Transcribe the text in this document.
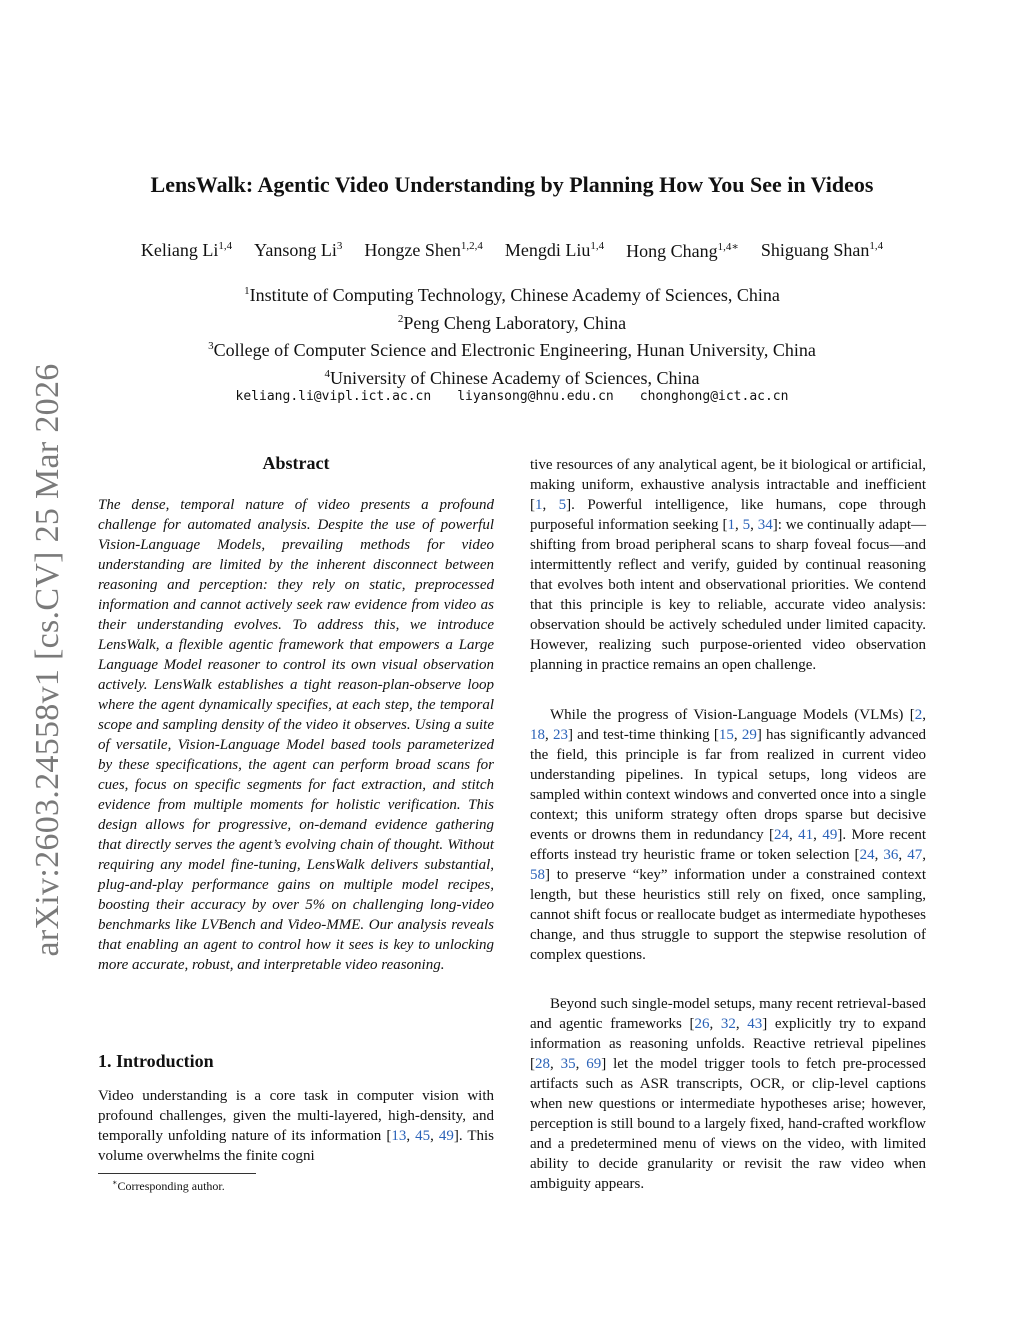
arXiv:2603.24558v1 [cs.CV] 25 Mar 2026
LensWalk: Agentic Video Understanding by Planning How You See in Videos
Keliang Li$^{1,4}$ Yansong Li$^3$ Hongze Shen$^{1,2,4}$ Mengdi Liu$^{1,4}$ Hong Chang$^{1,4∗}$ Shiguang Shan$^{1,4}$
$^1$Institute of Computing Technology, Chinese Academy of Sciences, China
$^2$Peng Cheng Laboratory, China
$^3$College of Computer Science and Electronic Engineering, Hunan University, China
$^4$University of Chinese Academy of Sciences, China
keliang.li@vipl.ict.ac.cn liyansong@hnu.edu.cn chonghong@ict.ac.cn
Abstract

The dense, temporal nature of video presents a profound challenge for automated analysis. Despite the use of powerful Vision-Language Models, prevailing methods for video understanding are limited by the inherent disconnect between reasoning and perception: they rely on static, preprocessed information and cannot actively seek raw evidence from video as their understanding evolves. To address this, we introduce LensWalk, a flexible agentic framework that empowers a Large Language Model reasoner to control its own visual observation actively. LensWalk establishes a tight reason-plan-observe loop where the agent dynamically specifies, at each step, the temporal scope and sampling density of the video it observes. Using a suite of versatile, Vision-Language Model based tools parameterized by these specifications, the agent can perform broad scans for cues, focus on specific segments for fact extraction, and stitch evidence from multiple moments for holistic verification. This design allows for progressive, on-demand evidence gathering that directly serves the agent’s evolving chain of thought. Without requiring any model fine-tuning, LensWalk delivers substantial, plug-and-play performance gains on multiple model recipes, boosting their accuracy by over 5% on challenging long-video benchmarks like LVBench and Video-MME. Our analysis reveals that enabling an agent to control how it sees is key to unlocking more accurate, robust, and interpretable video reasoning.

1. Introduction

Video understanding is a core task in computer vision with profound challenges, given the multi-layered, high-density, and temporally unfolding nature of its information [13, 45, 49]. This volume overwhelms the finite cogni

∗Corresponding author.

tive resources of any analytical agent, be it biological or artificial, making uniform, exhaustive analysis intractable and inefficient [1, 5]. Powerful intelligence, like humans, cope through purposeful information seeking [1, 5, 34]: we continually adapt—shifting from broad peripheral scans to sharp foveal focus—and intermittently reflect and verify, guided by continual reasoning that evolves both intent and observational priorities. We contend that this principle is key to reliable, accurate video analysis: observation should be actively scheduled under limited capacity. However, realizing such purpose-oriented video observation planning in practice remains an open challenge.

While the progress of Vision-Language Models (VLMs) [2, 18, 23] and test-time thinking [15, 29] has significantly advanced the field, this principle is far from realized in current video understanding pipelines. In typical setups, long videos are sampled within context windows and converted once into a single context; this uniform strategy often drops sparse but decisive events or drowns them in redundancy [24, 41, 49]. More recent efforts instead try heuristic frame or token selection [24, 36, 47, 58] to preserve “key” information under a constrained context length, but these heuristics still rely on fixed, once sampling, cannot shift focus or reallocate budget as intermediate hypotheses change, and thus struggle to support the stepwise resolution of complex questions.

Beyond such single-model setups, many recent retrieval-based and agentic frameworks [26, 32, 43] explicitly try to expand information as reasoning unfolds. Reactive retrieval pipelines [28, 35, 69] let the model trigger tools to fetch pre-processed artifacts such as ASR transcripts, OCR, or clip-level captions when new questions or intermediate hypotheses arise; however, perception is still bound to a largely fixed, hand-crafted workflow and a predetermined menu of views on the video, with limited ability to decide granularity or revisit the raw video when ambiguity appears.
